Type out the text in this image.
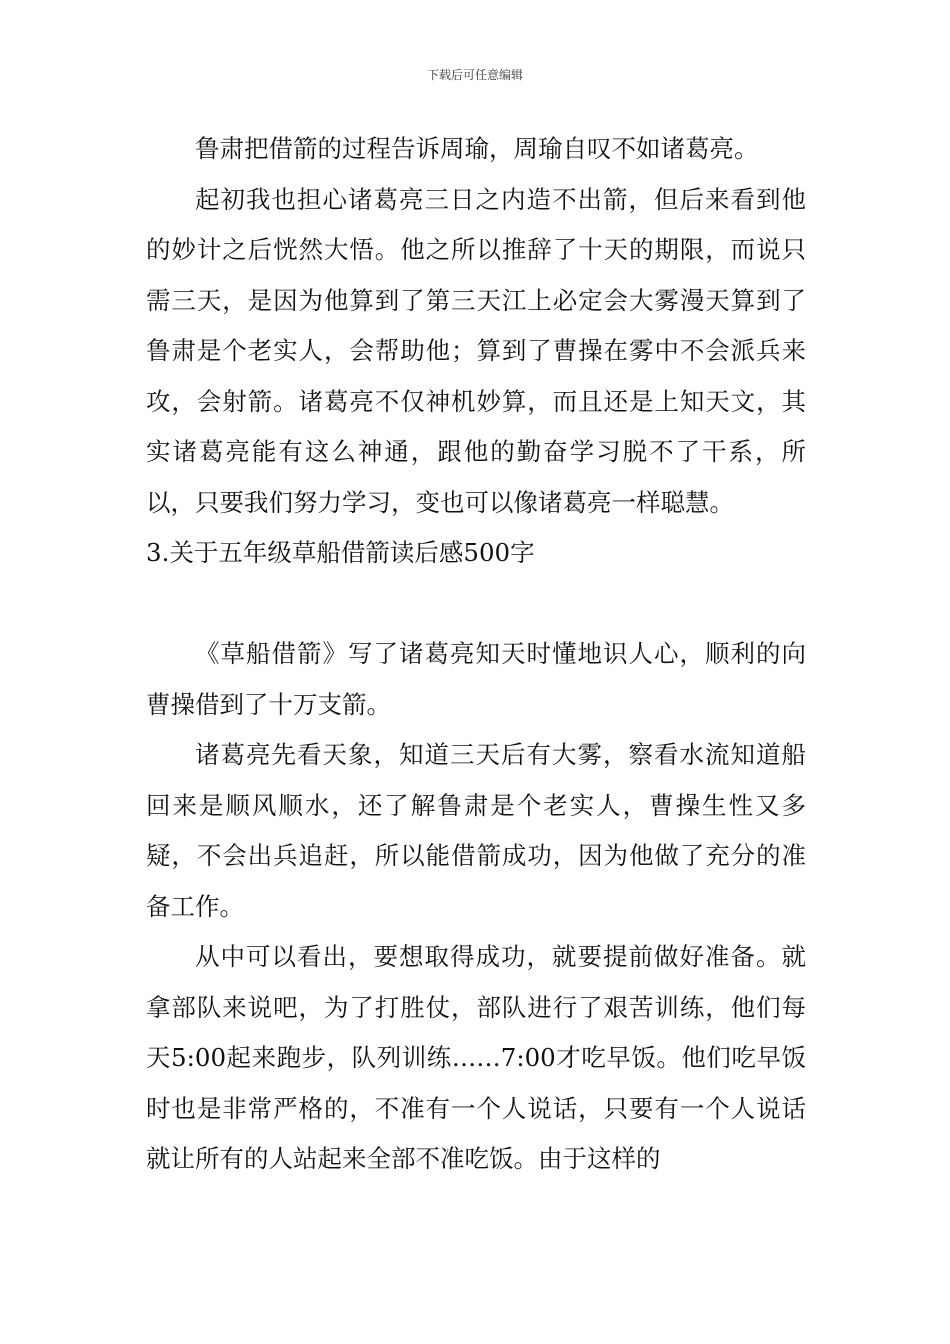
下载后可任意编辑

鲁肃把借箭的过程告诉周瑜，周瑜自叹不如诸葛亮。

起初我也担心诸葛亮三日之内造不出箭，但后来看到他的妙计之后恍然大悟。他之所以推辞了十天的期限，而说只需三天，是因为他算到了第三天江上必定会大雾漫天算到了鲁肃是个老实人，会帮助他；算到了曹操在雾中不会派兵来攻，会射箭。诸葛亮不仅神机妙算，而且还是上知天文，其实诸葛亮能有这么神通，跟他的勤奋学习脱不了干系，所以，只要我们努力学习，变也可以像诸葛亮一样聪慧。

3.关于五年级草船借箭读后感500字

《草船借箭》写了诸葛亮知天时懂地识人心，顺利的向曹操借到了十万支箭。

诸葛亮先看天象，知道三天后有大雾，察看水流知道船回来是顺风顺水，还了解鲁肃是个老实人，曹操生性又多疑，不会出兵追赶，所以能借箭成功，因为他做了充分的准备工作。

从中可以看出，要想取得成功，就要提前做好准备。就拿部队来说吧，为了打胜仗，部队进行了艰苦训练，他们每天5:00起来跑步，队列训练……7:00才吃早饭。他们吃早饭时也是非常严格的，不准有一个人说话，只要有一个人说话就让所有的人站起来全部不准吃饭。由于这样的
